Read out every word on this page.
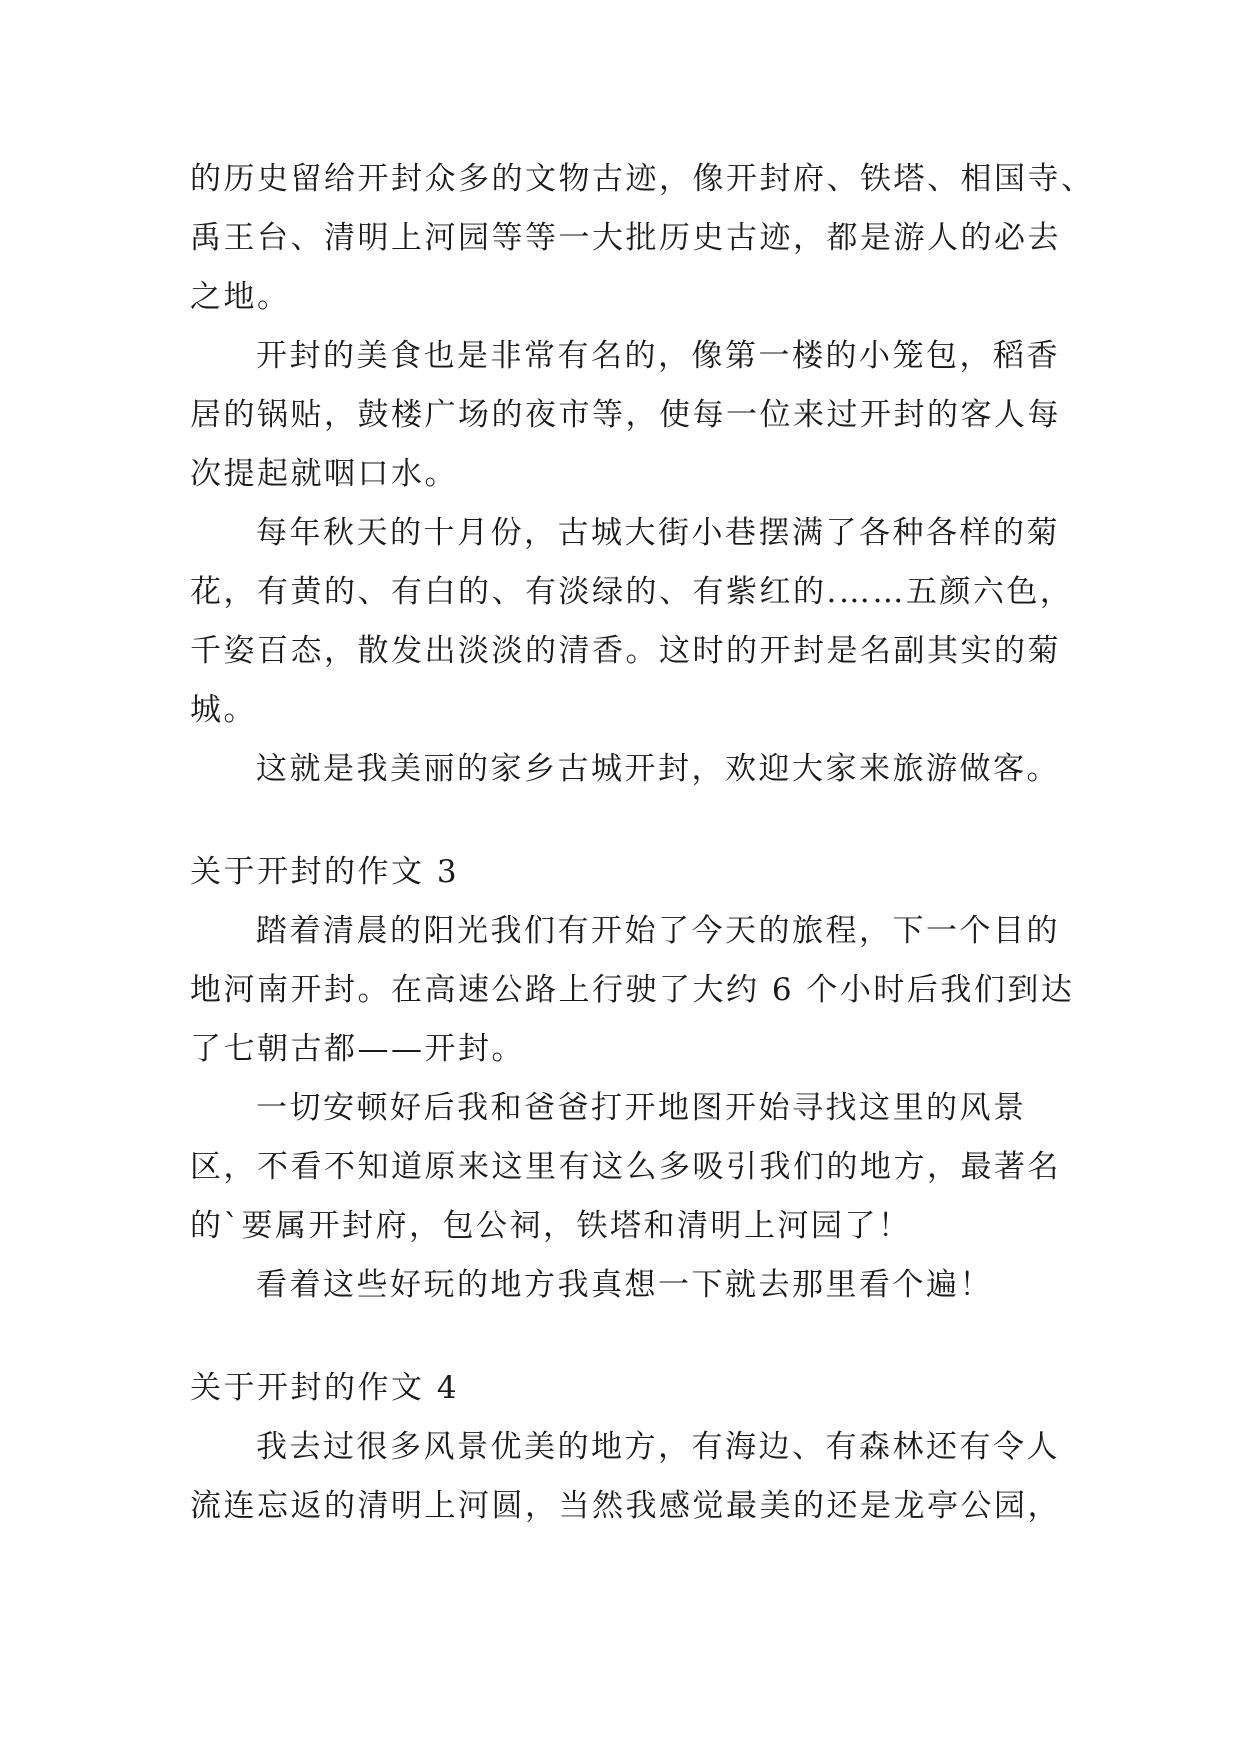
的历史留给开封众多的文物古迹，像开封府、铁塔、相国寺、
禹王台、清明上河园等等一大批历史古迹，都是游人的必去
之地。
开封的美食也是非常有名的，像第一楼的小笼包，稻香
居的锅贴，鼓楼广场的夜市等，使每一位来过开封的客人每
次提起就咽口水。
每年秋天的十月份，古城大街小巷摆满了各种各样的菊
花，有黄的、有白的、有淡绿的、有紫红的.……五颜六色，
千姿百态，散发出淡淡的清香。这时的开封是名副其实的菊
城。
这就是我美丽的家乡古城开封，欢迎大家来旅游做客。
关于开封的作文 3
踏着清晨的阳光我们有开始了今天的旅程，下一个目的
地河南开封。在高速公路上行驶了大约 6 个小时后我们到达
了七朝古都——开封。
一切安顿好后我和爸爸打开地图开始寻找这里的风景
区，不看不知道原来这里有这么多吸引我们的地方，最著名
的`要属开封府，包公祠，铁塔和清明上河园了！
看着这些好玩的地方我真想一下就去那里看个遍！
关于开封的作文 4
我去过很多风景优美的地方，有海边、有森林还有令人
流连忘返的清明上河圆，当然我感觉最美的还是龙亭公园，
